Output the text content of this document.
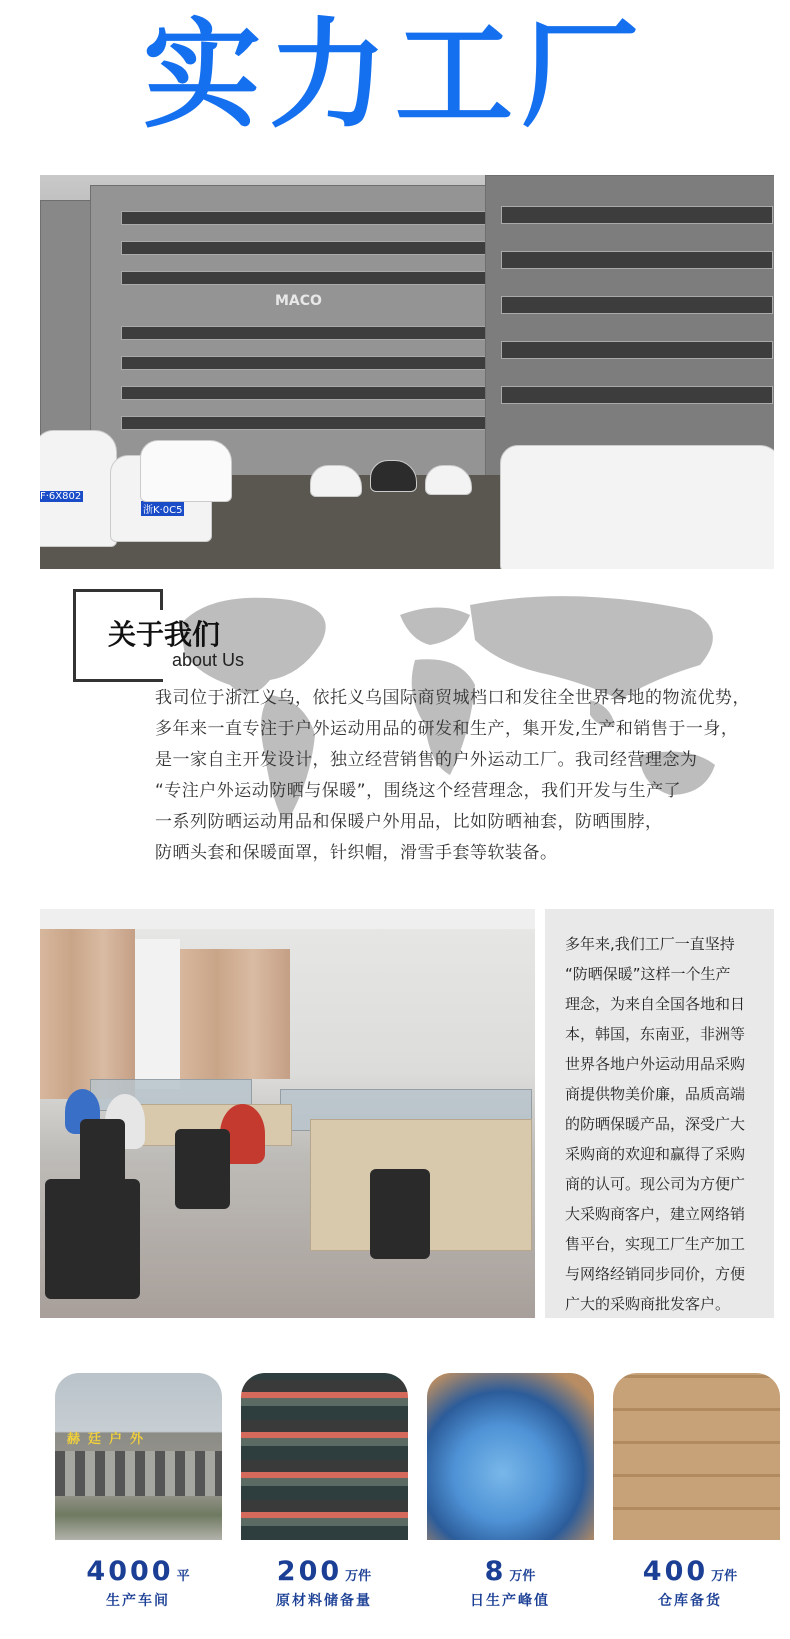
实力工厂
MACO
F·6X802
浙K·0C5
关于我们
about Us
我司位于浙江义乌，依托义乌国际商贸城档口和发往全世界各地的物流优势，
多年来一直专注于户外运动用品的研发和生产，集开发,生产和销售于一身，
是一家自主开发设计，独立经营销售的户外运动工厂。我司经营理念为
“专注户外运动防晒与保暖”，围绕这个经营理念，我们开发与生产了
一系列防晒运动用品和保暖户外用品，比如防晒袖套，防晒围脖，
防晒头套和保暖面罩，针织帽，滑雪手套等软装备。
多年来,我们工厂一直坚持
“防晒保暖”这样一个生产
理念，为来自全国各地和日
本，韩国，东南亚，非洲等
世界各地户外运动用品采购
商提供物美价廉，品质高端
的防晒保暖产品，深受广大
采购商的欢迎和赢得了采购
商的认可。现公司为方便广
大采购商客户，建立网络销
售平台，实现工厂生产加工
与网络经销同步同价，方便
广大的采购商批发客户。
赫廷户外
4000 平
生产车间
200 万件
原材料储备量
8 万件
日生产峰值
400 万件
仓库备货
